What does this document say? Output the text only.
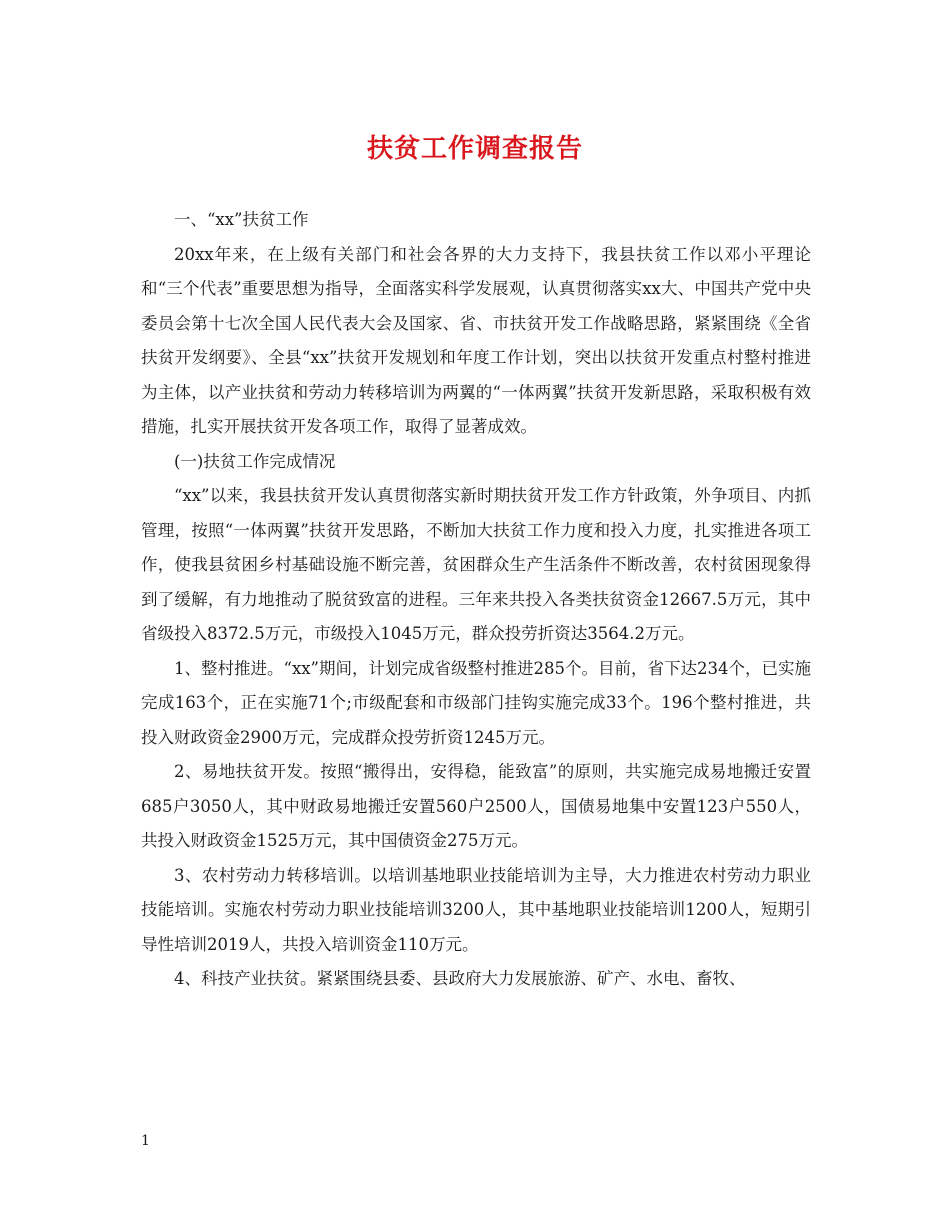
扶贫工作调查报告

一、“xx”扶贫工作

20xx年来，在上级有关部门和社会各界的大力支持下，我县扶贫工作以邓小平理论和“三个代表”重要思想为指导，全面落实科学发展观，认真贯彻落实xx大、中国共产党中央委员会第十七次全国人民代表大会及国家、省、市扶贫开发工作战略思路，紧紧围绕《全省扶贫开发纲要》、全县“xx”扶贫开发规划和年度工作计划，突出以扶贫开发重点村整村推进为主体，以产业扶贫和劳动力转移培训为两翼的“一体两翼”扶贫开发新思路，采取积极有效措施，扎实开展扶贫开发各项工作，取得了显著成效。

(一)扶贫工作完成情况

“xx”以来，我县扶贫开发认真贯彻落实新时期扶贫开发工作方针政策，外争项目、内抓管理，按照“一体两翼”扶贫开发思路，不断加大扶贫工作力度和投入力度，扎实推进各项工作，使我县贫困乡村基础设施不断完善，贫困群众生产生活条件不断改善，农村贫困现象得到了缓解，有力地推动了脱贫致富的进程。三年来共投入各类扶贫资金12667.5万元，其中省级投入8372.5万元，市级投入1045万元，群众投劳折资达3564.2万元。

1、整村推进。“xx”期间，计划完成省级整村推进285个。目前，省下达234个，已实施完成163个，正在实施71个;市级配套和市级部门挂钩实施完成33个。196个整村推进，共投入财政资金2900万元，完成群众投劳折资1245万元。

2、易地扶贫开发。按照“搬得出，安得稳，能致富”的原则，共实施完成易地搬迁安置685户3050人，其中财政易地搬迁安置560户2500人，国债易地集中安置123户550人，共投入财政资金1525万元，其中国债资金275万元。

3、农村劳动力转移培训。以培训基地职业技能培训为主导，大力推进农村劳动力职业技能培训。实施农村劳动力职业技能培训3200人，其中基地职业技能培训1200人，短期引导性培训2019人，共投入培训资金110万元。

4、科技产业扶贫。紧紧围绕县委、县政府大力发展旅游、矿产、水电、畜牧、

1
